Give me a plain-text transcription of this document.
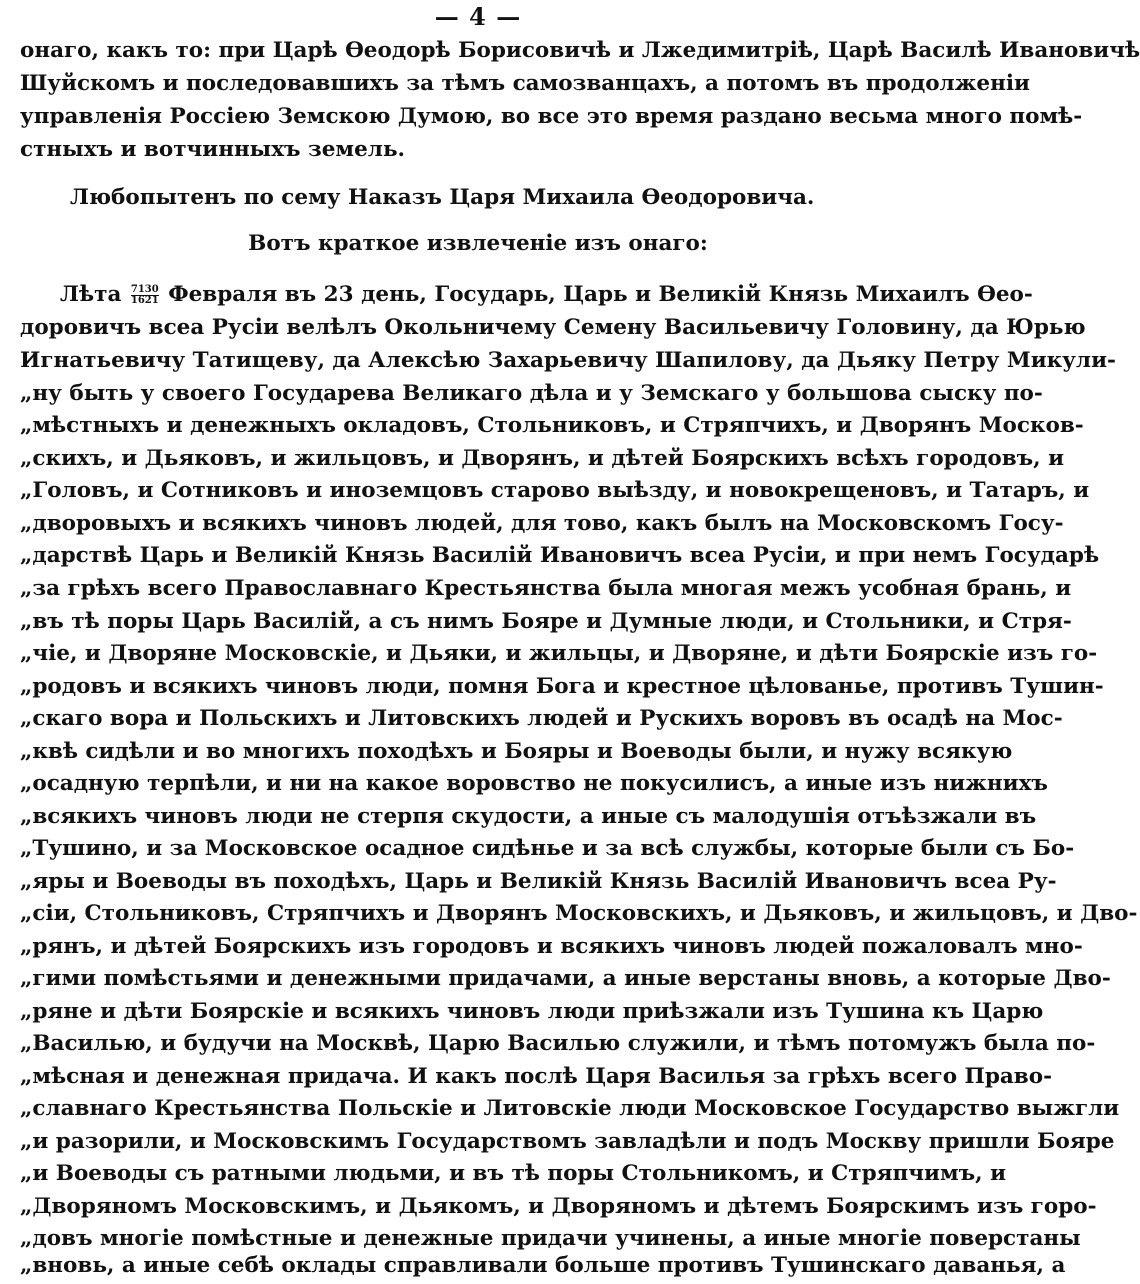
— 4 —
онаго, какъ то: при Царѣ Ѳеодорѣ Борисовичѣ и Лжедимитріѣ, Царѣ Василѣ Ивановичѣ
Шуйскомъ и последовавшихъ за тѣмъ самозванцахъ, а потомъ въ продолженіи
управленія Россіею Земскою Думою, во все это время раздано весьма много помѣ-
стныхъ и вотчинныхъ земель.
Любопытенъ по сему Наказъ Царя Михаила Ѳеодоровича.
Вотъ краткое извлеченіе изъ онаго:
Лѣта $\frac{7130}{1621}$ Февраля въ 23 день, Государь, Царь и Великій Князь Михаилъ Ѳео-
доровичъ всеа Русіи велѣлъ Окольничему Семену Васильевичу Головину, да Юрью
Игнатьевичу Татищеву, да Алексѣю Захарьевичу Шапилову, да Дьяку Петру Микули-
„ну быть у своего Государева Великаго дѣла и у Земскаго у большова сыску по-
„мѣстныхъ и денежныхъ окладовъ, Стольниковъ, и Стряпчихъ, и Дворянъ Москов-
„скихъ, и Дьяковъ, и жильцовъ, и Дворянъ, и дѣтей Боярскихъ всѣхъ городовъ, и
„Головъ, и Сотниковъ и иноземцовъ старово выѣзду, и новокрещеновъ, и Татаръ, и
„дворовыхъ и всякихъ чиновъ людей, для тово, какъ былъ на Московскомъ Госу-
„дарствѣ Царь и Великій Князь Василій Ивановичъ всеа Русіи, и при немъ Государѣ
„за грѣхъ всего Православнаго Крестьянства была многая межъ усобная брань, и
„въ тѣ поры Царь Василій, а съ нимъ Бояре и Думные люди, и Стольники, и Стря-
„чіе, и Дворяне Московскіе, и Дьяки, и жильцы, и Дворяне, и дѣти Боярскіе изъ го-
„родовъ и всякихъ чиновъ люди, помня Бога и крестное цѣлованье, противъ Тушин-
„скаго вора и Польскихъ и Литовскихъ людей и Рускихъ воровъ въ осадѣ на Мос-
„квѣ сидѣли и во многихъ походѣхъ и Бояры и Воеводы были, и нужу всякую
„осадную терпѣли, и ни на какое воровство не покусилисъ, а иные изъ нижнихъ
„всякихъ чиновъ люди не стерпя скудости, а иные съ малодушія отъѣзжали въ
„Тушино, и за Московское осадное сидѣнье и за всѣ службы, которые были съ Бо-
„яры и Воеводы въ походѣхъ, Царь и Великій Князь Василій Ивановичъ всеа Ру-
„сіи, Стольниковъ, Стряпчихъ и Дворянъ Московскихъ, и Дьяковъ, и жильцовъ, и Дво-
„рянъ, и дѣтей Боярскихъ изъ городовъ и всякихъ чиновъ людей пожаловалъ мно-
„гими помѣстьями и денежными придачами, а иные верстаны вновь, а которые Дво-
„ряне и дѣти Боярскіе и всякихъ чиновъ люди приѣзжали изъ Тушина къ Царю
„Василью, и будучи на Москвѣ, Царю Василью служили, и тѣмъ потомужъ была по-
„мѣсная и денежная придача. И какъ послѣ Царя Василья за грѣхъ всего Право-
„славнаго Крестьянства Польскіе и Литовскіе люди Московское Государство выжгли
„и разорили, и Московскимъ Государствомъ завладѣли и подъ Москву пришли Бояре
„и Воеводы съ ратными людьми, и въ тѣ поры Стольникомъ, и Стряпчимъ, и
„Дворяномъ Московскимъ, и Дьякомъ, и Дворяномъ и дѣтемъ Боярскимъ изъ горо-
„довъ многіе помѣстные и денежные придачи учинены, а иные многіе поверстаны
„вновь, а иные себѣ оклады справливали больше противъ Тушинскаго даванья, а
